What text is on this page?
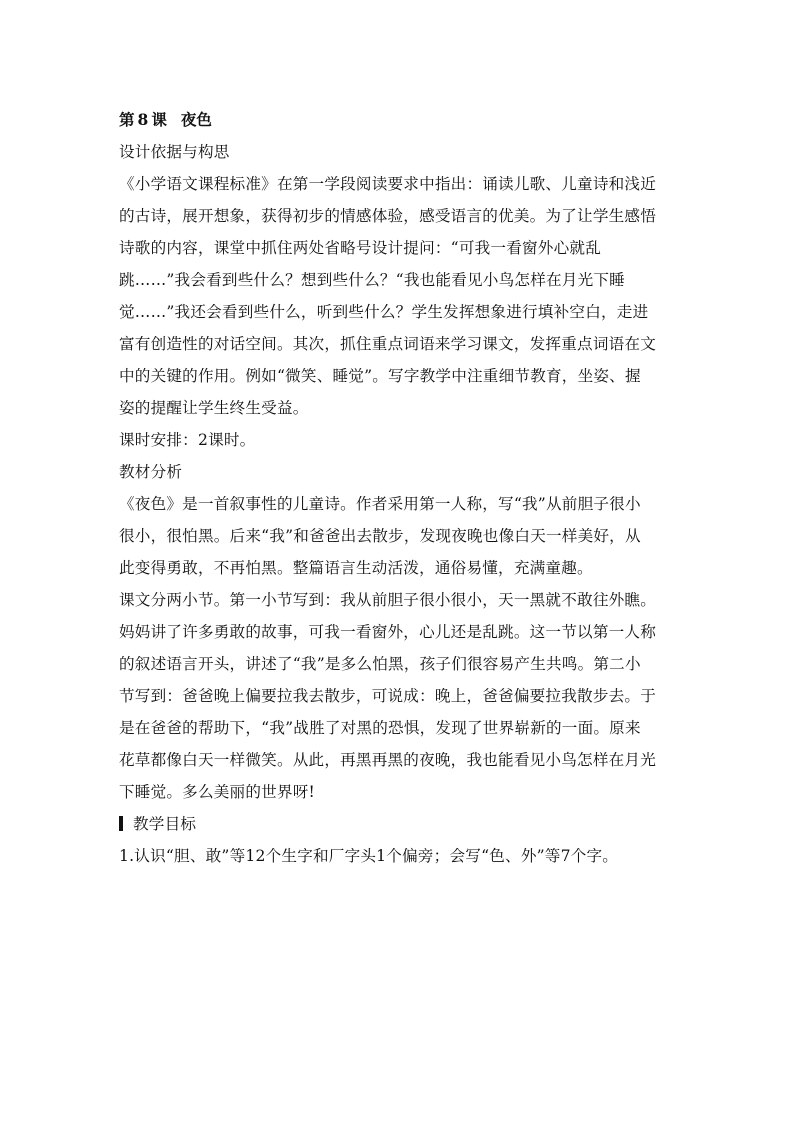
第 8 课 夜色
设计依据与构思
《小学语文课程标准》在第一学段阅读要求中指出：诵读儿歌、儿童诗和浅近
的古诗，展开想象，获得初步的情感体验，感受语言的优美。为了让学生感悟
诗歌的内容，课堂中抓住两处省略号设计提问：“可我一看窗外心就乱
跳……”我会看到些什么？想到些什么？“我也能看见小鸟怎样在月光下睡
觉……”我还会看到些什么，听到些什么？学生发挥想象进行填补空白，走进
富有创造性的对话空间。其次，抓住重点词语来学习课文，发挥重点词语在文
中的关键的作用。例如“微笑、睡觉”。写字教学中注重细节教育，坐姿、握
姿的提醒让学生终生受益。
课时安排：2课时。
教材分析
《夜色》是一首叙事性的儿童诗。作者采用第一人称，写“我”从前胆子很小
很小，很怕黑。后来“我”和爸爸出去散步，发现夜晚也像白天一样美好，从
此变得勇敢，不再怕黑。整篇语言生动活泼，通俗易懂，充满童趣。
课文分两小节。第一小节写到：我从前胆子很小很小，天一黑就不敢往外瞧。
妈妈讲了许多勇敢的故事，可我一看窗外，心儿还是乱跳。这一节以第一人称
的叙述语言开头，讲述了“我”是多么怕黑，孩子们很容易产生共鸣。第二小
节写到：爸爸晚上偏要拉我去散步，可说成：晚上，爸爸偏要拉我散步去。于
是在爸爸的帮助下，“我”战胜了对黑的恐惧，发现了世界崭新的一面。原来
花草都像白天一样微笑。从此，再黑再黑的夜晚，我也能看见小鸟怎样在月光
下睡觉。多么美丽的世界呀!
教学目标
1.认识“胆、敢”等12个生字和厂字头1个偏旁；会写“色、外”等7个字。
